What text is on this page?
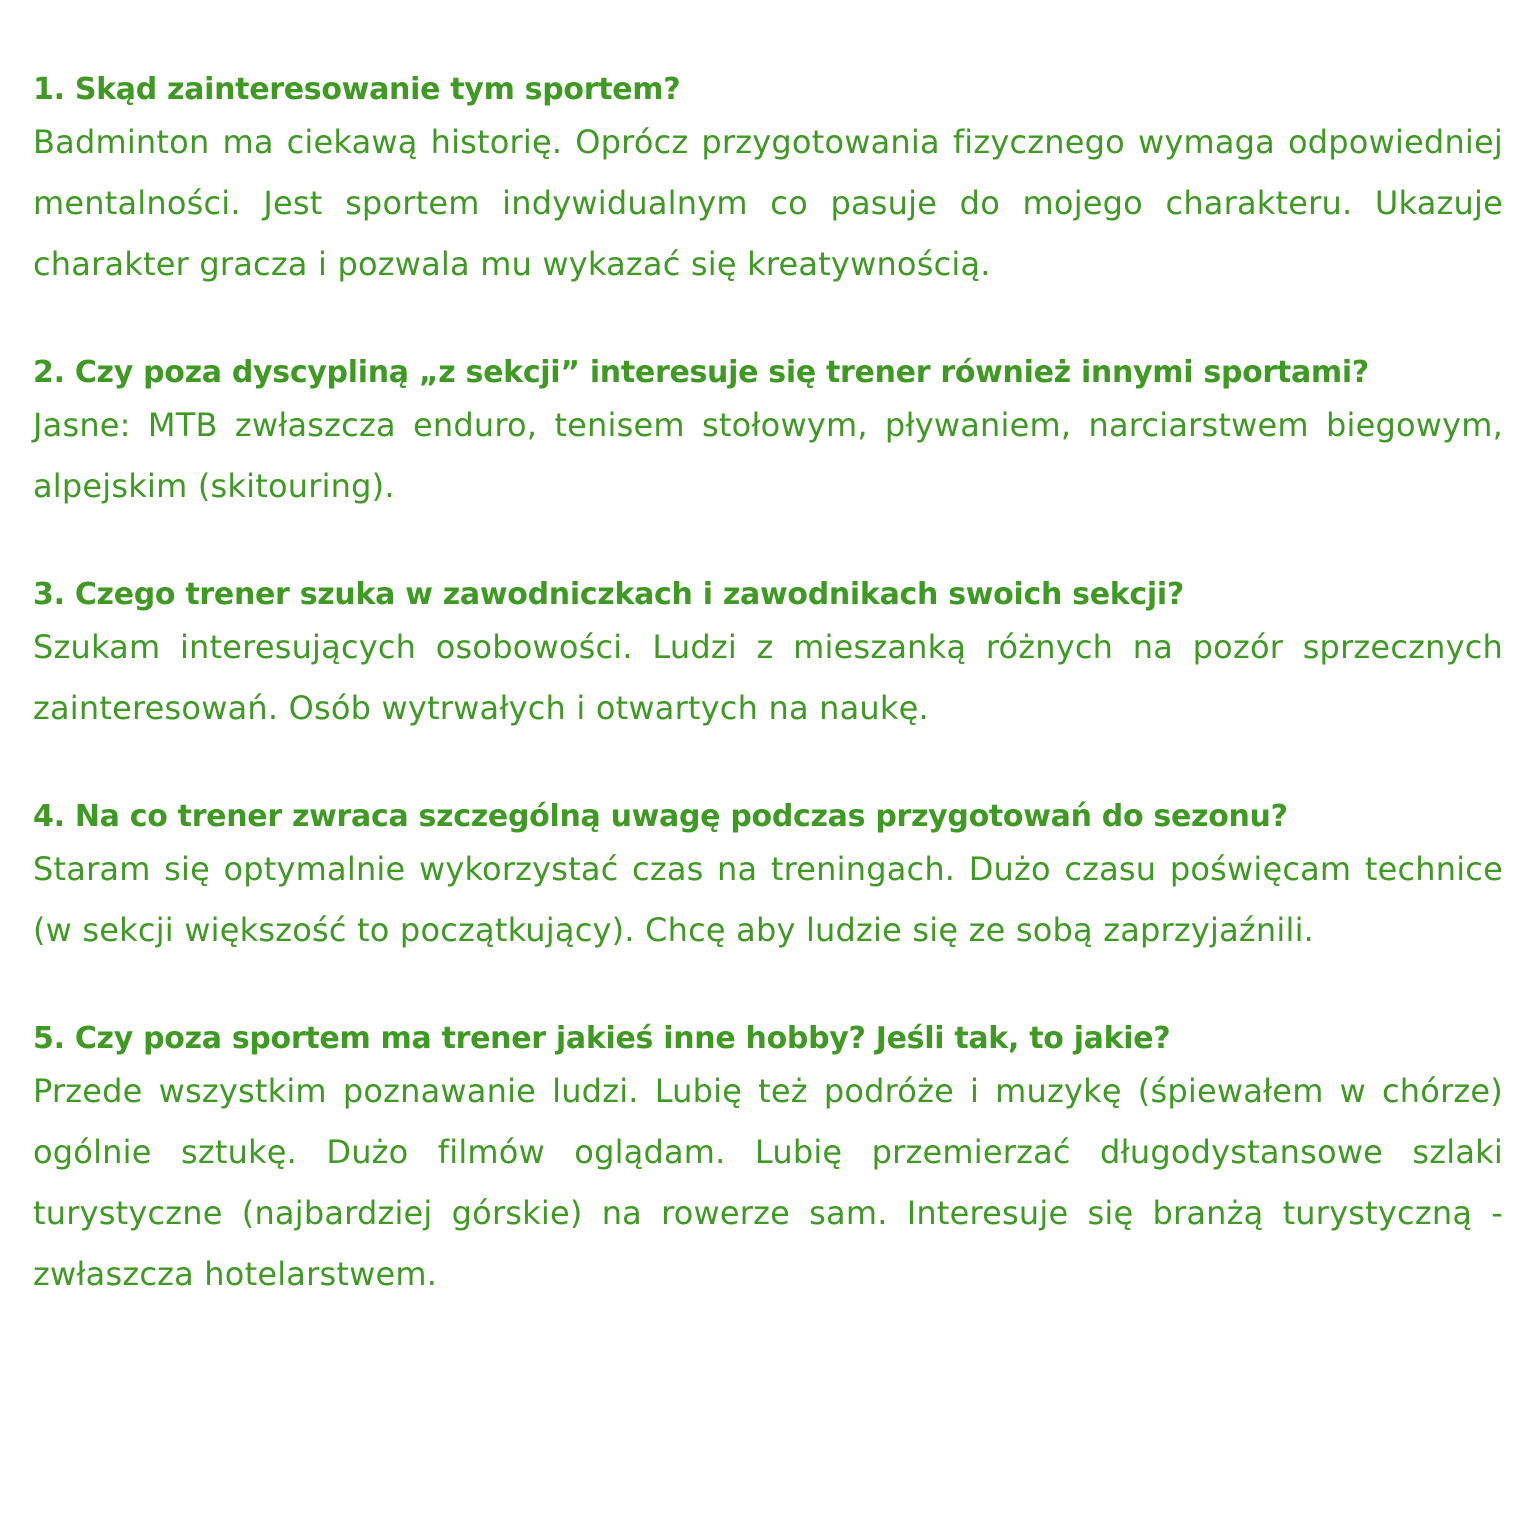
1. Skąd zainteresowanie tym sportem?

Badminton ma ciekawą historię. Oprócz przygotowania fizycznego wymaga odpowiedniej mentalności. Jest sportem indywidualnym co pasuje do mojego charakteru. Ukazuje charakter gracza i pozwala mu wykazać się kreatywnością.

2. Czy poza dyscypliną „z sekcji” interesuje się trener również innymi sportami?

Jasne: MTB zwłaszcza enduro, tenisem stołowym, pływaniem, narciarstwem biegowym, alpejskim (skitouring).

3. Czego trener szuka w zawodniczkach i zawodnikach swoich sekcji?

Szukam interesujących osobowości. Ludzi z mieszanką różnych na pozór sprzecznych zainteresowań. Osób wytrwałych i otwartych na naukę.

4. Na co trener zwraca szczególną uwagę podczas przygotowań do sezonu?

Staram się optymalnie wykorzystać czas na treningach. Dużo czasu poświęcam technice (w sekcji większość to początkujący). Chcę aby ludzie się ze sobą zaprzyjaźnili.

5. Czy poza sportem ma trener jakieś inne hobby? Jeśli tak, to jakie?

Przede wszystkim poznawanie ludzi. Lubię też podróże i muzykę (śpiewałem w chórze) ogólnie sztukę. Dużo filmów oglądam. Lubię przemierzać długodystansowe szlaki turystyczne (najbardziej górskie) na rowerze sam. Interesuje się branżą turystyczną - zwłaszcza hotelarstwem.
